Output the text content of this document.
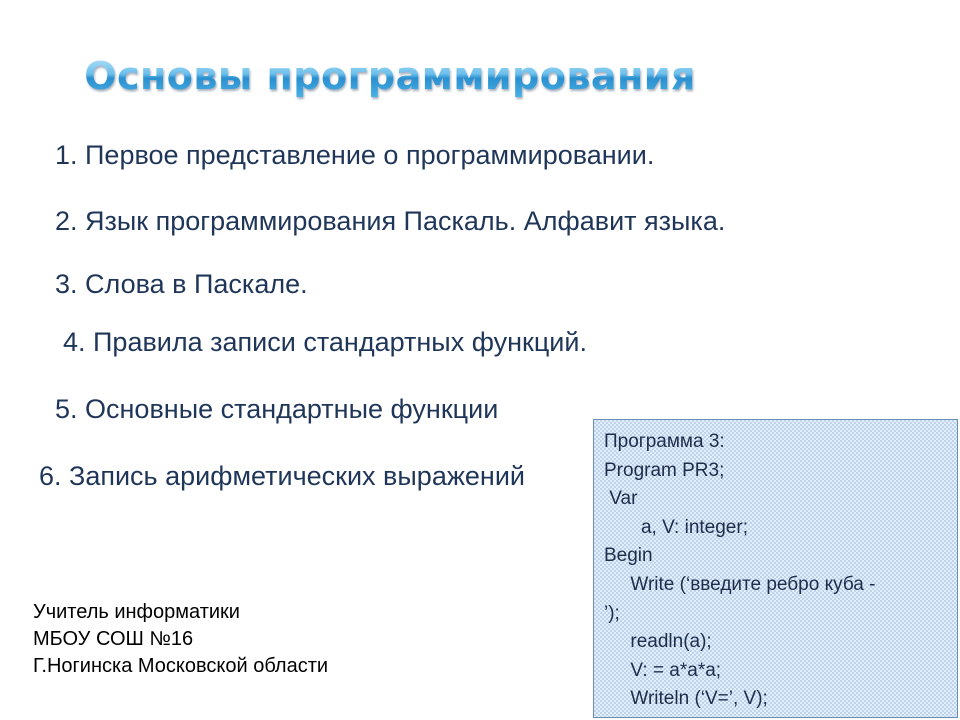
Основы программирования
1. Первое представление о программировании.
2. Язык программирования Паскаль. Алфавит языка.
3. Слова в Паскале.
4. Правила записи стандартных функций.
5. Основные стандартные функции
6. Запись арифметических выражений
Учитель информатики
МБОУ СОШ №16
Г.Ногинска Московской области
Программа 3:
Program PR3;
Var
a, V: integer;
Begin
Write (‘введите ребро куба -
’);
readln(a);
V: = a*a*a;
Writeln (‘V=’, V);
